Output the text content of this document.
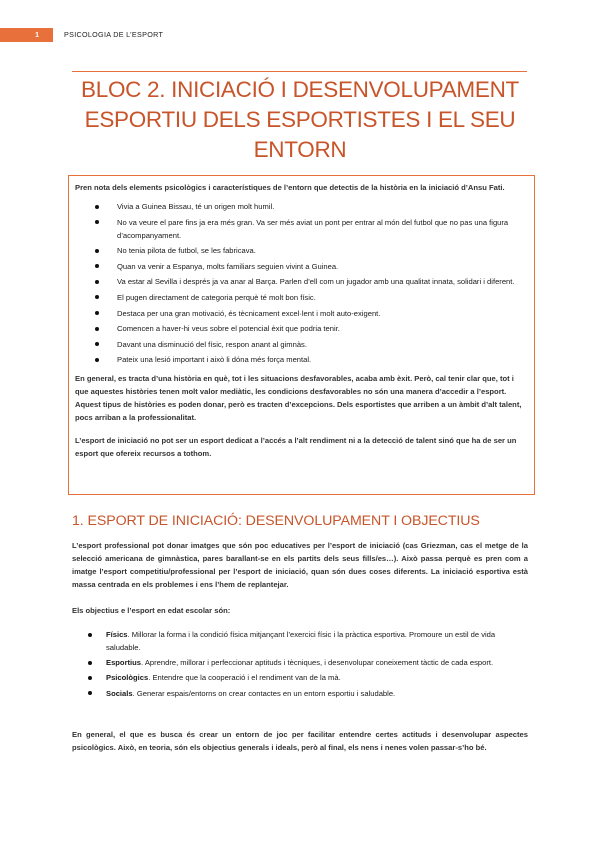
1	PSICOLOGIA DE L’ESPORT
BLOC 2. INICIACIÓ I DESENVOLUPAMENT ESPORTIU DELS ESPORTISTES I EL SEU ENTORN

Pren nota dels elements psicològics i característiques de l’entorn que detectis de la història en la iniciació d’Ansu Fati.

Vivia a Guinea Bissau, té un origen molt humil.
No va veure el pare fins ja era més gran. Va ser més aviat un pont per entrar al món del futbol que no pas una figura d’acompanyament.
No tenia pilota de futbol, se les fabricava.
Quan va venir a Espanya, molts familiars seguien vivint a Guinea.
Va estar al Sevilla i després ja va anar al Barça. Parlen d’ell com un jugador amb una qualitat innata, solidari i diferent.
El pugen directament de categoria perquè té molt bon físic.
Destaca per una gran motivació, és tècnicament excel·lent i molt auto-exigent.
Comencen a haver-hi veus sobre el potencial èxit que podria tenir.
Davant una disminució del físic, respon anant al gimnàs.
Pateix una lesió important i això li dóna més força mental.

En general, es tracta d’una història en què, tot i les situacions desfavorables, acaba amb èxit. Però, cal tenir clar que, tot i que aquestes històries tenen molt valor mediàtic, les condicions desfavorables no són una manera d’accedir a l’esport. Aquest tipus de històries es poden donar, però es tracten d’excepcions. Dels esportistes que arriben a un àmbit d’alt talent, pocs arriban a la professionalitat.

L’esport de iniciació no pot ser un esport dedicat a l’accés a l’alt rendiment ni a la detecció de talent sinó que ha de ser un esport que ofereix recursos a tothom.

1. ESPORT DE INICIACIÓ: DESENVOLUPAMENT I OBJECTIUS

L’esport professional pot donar imatges que són poc educatives per l’esport de iniciació (cas Griezman, cas el metge de la selecció americana de gimnàstica, pares barallant-se en els partits dels seus fills/es…). Això passa perquè es pren com a imatge l’esport competitiu/professional per l’esport de iniciació, quan són dues coses diferents. La iniciació esportiva està massa centrada en els problemes i ens l’hem de replantejar.

Els objectius e l’esport en edat escolar són:

Físics. Millorar la forma i la condició física mitjançant l’exercici físic i la pràctica esportiva. Promoure un estil de vida saludable.
Esportius. Aprendre, millorar i perfeccionar aptituds i tècniques, i desenvolupar coneixement tàctic de cada esport.
Psicològics. Entendre que la cooperació i el rendiment van de la mà.
Socials. Generar espais/entorns on crear contactes en un entorn esportiu i saludable.

En general, el que es busca és crear un entorn de joc per facilitar entendre certes actituds i desenvolupar aspectes psicològics. Això, en teoria, són els objectius generals i ideals, però al final, els nens i nenes volen passar-s’ho bé.
